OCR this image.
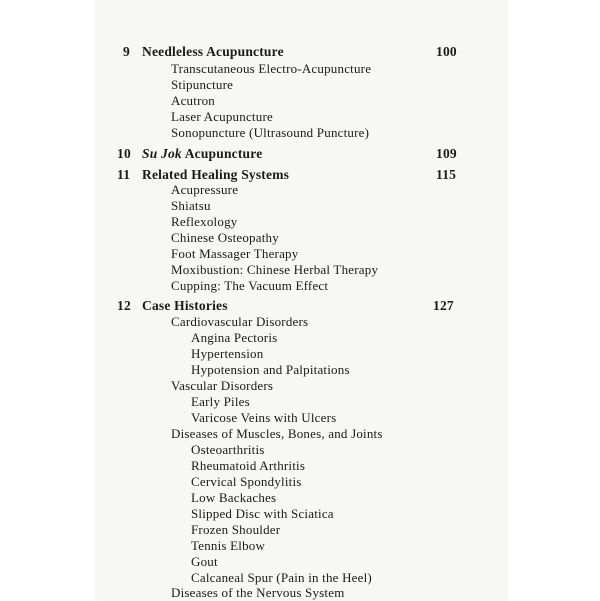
9 Needleless Acupuncture	100
Transcutaneous Electro-Acupuncture
Stipuncture
Acutron
Laser Acupuncture
Sonopuncture (Ultrasound Puncture)
10 Su Jok Acupuncture	109
11 Related Healing Systems	115
Acupressure
Shiatsu
Reflexology
Chinese Osteopathy
Foot Massager Therapy
Moxibustion: Chinese Herbal Therapy
Cupping: The Vacuum Effect
12 Case Histories	127
Cardiovascular Disorders
Angina Pectoris
Hypertension
Hypotension and Palpitations
Vascular Disorders
Early Piles
Varicose Veins with Ulcers
Diseases of Muscles, Bones, and Joints
Osteoarthritis
Rheumatoid Arthritis
Cervical Spondylitis
Low Backaches
Slipped Disc with Sciatica
Frozen Shoulder
Tennis Elbow
Gout
Calcaneal Spur (Pain in the Heel)
Diseases of the Nervous System
